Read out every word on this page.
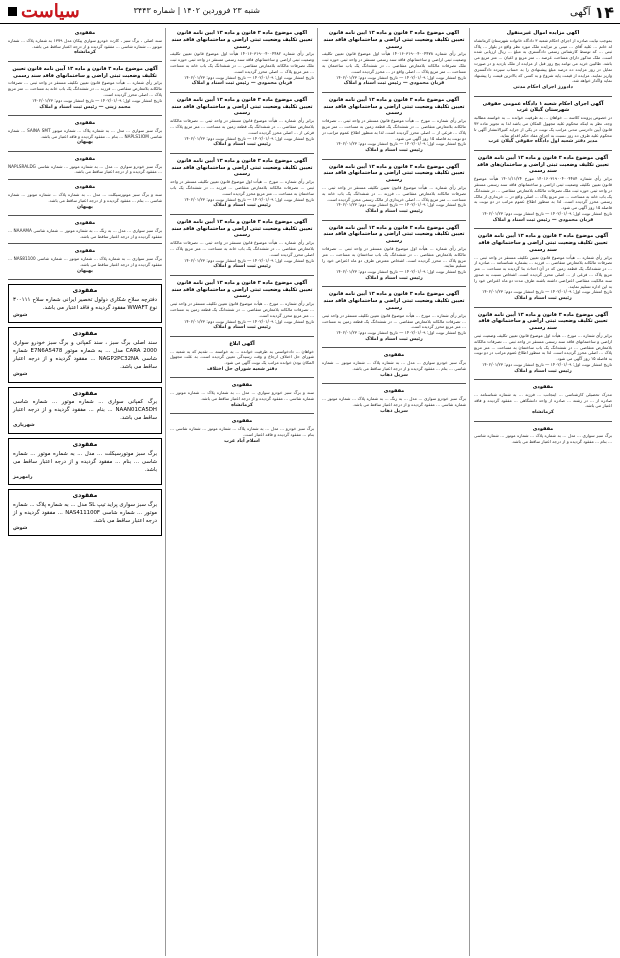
۱۴
آگهی
شنبه ۲۳ فروردین ۱۴۰۲ | شماره ۳۴۴۳
سیاست
آگهی مزایده اموال غیرمنقول
بموجب نیابت صادره از اجرای احکام شعبه ۳ دادگاه خانواده شهرستان کرمانشاه له خانم ... علیه آقای ... مبنی بر مزایده ملک مورد نظر واقع در بلوار ... پلاک ثبتی ... که توسط کارشناس رسمی دادگستری به مبلغ ... ریال ارزیابی شده است. ملک مذکور دارای مساحت عرصه ... متر مربع و اعیان ... متر مربع می باشد. طالبین خرید می توانند پنج روز قبل از مزایده از ملک بازدید و در صورت تمایل در روز مزایده ده درصد مبلغ پیشنهادی را به حساب سپرده دادگستری واریز نمایند. مزایده از قیمت پایه شروع و به کسی که بالاترین قیمت را پیشنهاد نماید واگذار خواهد شد.
دادورز اجرای احکام مدنی
آگهی اجرای احکام شعبه ۱ دادگاه عمومی حقوقی شهرستان گیلان غرب
در خصوص پرونده کلاسه ... خواهان ... به طرفیت خوانده ... به خواسته مطالبه وجه، نظر به اینکه محکوم علیه مجهول المکان می باشد لذا به تجویز ماده ۷۳ قانون آیین دادرسی مدنی مراتب یک نوبت در یکی از جراید کثیرالانتشار آگهی تا محکوم علیه ظرف ده روز نسبت به اجرای مفاد حکم اقدام نماید.
مدیر دفتر شعبه اول دادگاه حقوقی گیلان غرب
آگهی موضوع ماده ۳ قانون و ماده ۱۳ آیین نامه قانون تعیین تکلیف وضعیت ثبتی اراضی و ساختمان‌های فاقد سند رسمی
برابر رأی شماره ۱۴۰۱۶۰۳۱۹۰۰۴۰۰۴۴۸۴ مورخ ۱۴۰۱/۱۱/۲۴ هیأت موضوع قانون تعیین تکلیف وضعیت ثبتی اراضی و ساختمانهای فاقد سند رسمی مستقر در واحد ثبتی حوزه ثبت ملک تصرفات مالکانه بلامعارض متقاضی ... در ششدانگ یک باب خانه به مساحت ... متر مربع پلاک ... اصلی واقع در ... خریداری از مالک رسمی محرز گردیده است. لذا به منظور اطلاع عموم مراتب در دو نوبت به فاصله ۱۵ روز آگهی می شود.
تاریخ انتشار نوبت اول: ۱۴۰۲/۰۱/۰۹ — تاریخ انتشار نوبت دوم: ۱۴۰۲/۰۱/۲۳
قربان محمودی — رئیس ثبت اسناد و املاک
آگهی موضوع ماده ۳ قانون و ماده ۱۳ آیین نامه قانون تعیین تکلیف وضعیت ثبتی اراضی و ساختمانهای فاقد سند رسمی
برابر رأی شماره ... هیأت موضوع قانون تعیین تکلیف مستقر در واحد ثبتی ... تصرفات مالکانه بلامعارض متقاضی ... فرزند ... بشماره شناسنامه ... صادره از ... در ششدانگ یک قطعه زمین که در آن احداث بنا گردیده به مساحت ... متر مربع پلاک ... فرعی از ... اصلی محرز گردیده است. اشخاص نسبت به صدور سند مالکیت متقاضی اعتراضی داشته باشند ظرف مدت دو ماه اعتراض خود را به این اداره تسلیم نمایند.
تاریخ انتشار نوبت اول: ۱۴۰۲/۰۱/۰۹ — تاریخ انتشار نوبت دوم: ۱۴۰۲/۰۱/۲۳
رئیس ثبت اسناد و املاک
آگهی موضوع ماده ۳ قانون و ماده ۱۳ آیین نامه قانون تعیین تکلیف وضعیت ثبتی اراضی و ساختمانهای فاقد سند رسمی
برابر رأی شماره ... مورخ ... هیأت اول موضوع قانون تعیین تکلیف وضعیت ثبتی اراضی و ساختمانهای فاقد سند رسمی مستقر در واحد ثبتی ... تصرفات مالکانه بلامعارض متقاضی ... در ششدانگ یک باب ساختمان به مساحت ... متر مربع پلاک ... اصلی محرز گردیده است. لذا به منظور اطلاع عموم مراتب در دو نوبت به فاصله ۱۵ روز آگهی می شود.
تاریخ انتشار نوبت اول: ۱۴۰۲/۰۱/۰۹ — تاریخ انتشار نوبت دوم: ۱۴۰۲/۰۱/۲۳
رئیس ثبت اسناد و املاک
مفقودی
مدرک تحصیلی کارشناسی ... اینجانب ... فرزند ... به شماره شناسنامه ... صادره از ... در رشته ... صادره از واحد دانشگاهی ... مفقود گردیده و فاقد اعتبار می باشد.
کرمانشاه
مفقودی
برگ سبز سواری ... مدل ... به شماره پلاک ... شماره موتور ... شماره شاسی ... بنام ... مفقود گردیده و از درجه اعتبار ساقط می باشد.
آگهی موضوع ماده ۳ قانون و ماده ۱۳ آیین نامه قانون تعیین تکلیف وضعیت ثبتی اراضی و ساختمانهای فاقد سند رسمی
برابر رأی شماره ۱۴۰۱۶۰۳۱۹۰۰۴۰۰۴۴۷۸ هیأت اول موضوع قانون تعیین تکلیف وضعیت ثبتی اراضی و ساختمانهای فاقد سند رسمی مستقر در واحد ثبتی حوزه ثبت ملک تصرفات مالکانه بلامعارض متقاضی ... در ششدانگ یک باب ساختمان به مساحت ... متر مربع پلاک ... اصلی واقع در ... محرز گردیده است.
تاریخ انتشار نوبت اول: ۱۴۰۲/۰۱/۰۹ — تاریخ انتشار نوبت دوم: ۱۴۰۲/۰۱/۲۳
قربان محمودی — رئیس ثبت اسناد و املاک
آگهی موضوع ماده ۳ قانون و ماده ۱۳ آیین نامه قانون تعیین تکلیف وضعیت ثبتی اراضی و ساختمانهای فاقد سند رسمی
برابر رأی شماره ... مورخ ... هیأت موضوع قانون مستقر در واحد ثبتی ... تصرفات مالکانه بلامعارض متقاضی ... در ششدانگ یک قطعه زمین به مساحت ... متر مربع پلاک ... فرعی از ... اصلی محرز گردیده است. لذا به منظور اطلاع عموم مراتب در دو نوبت به فاصله ۱۵ روز آگهی می شود.
تاریخ انتشار نوبت اول: ۱۴۰۲/۰۱/۰۹ — تاریخ انتشار نوبت دوم: ۱۴۰۲/۰۱/۲۳
رئیس ثبت اسناد و املاک
آگهی موضوع ماده ۳ قانون و ماده ۱۳ آیین نامه قانون تعیین تکلیف وضعیت ثبتی اراضی و ساختمانهای فاقد سند رسمی
برابر رأی شماره ... هیأت موضوع قانون تعیین تکلیف مستقر در واحد ثبتی ... تصرفات مالکانه بلامعارض متقاضی ... فرزند ... در ششدانگ یک باب خانه به مساحت ... متر مربع پلاک ... اصلی خریداری از مالک رسمی محرز گردیده است.
تاریخ انتشار نوبت اول: ۱۴۰۲/۰۱/۰۹ — تاریخ انتشار نوبت دوم: ۱۴۰۲/۰۱/۲۳
رئیس ثبت اسناد و املاک
آگهی موضوع ماده ۳ قانون و ماده ۱۳ آیین نامه قانون تعیین تکلیف وضعیت ثبتی اراضی و ساختمانهای فاقد سند رسمی
برابر رأی شماره ... هیأت اول موضوع قانون مستقر در واحد ثبتی ... تصرفات مالکانه بلامعارض متقاضی ... در ششدانگ یک باب ساختمان به مساحت ... متر مربع پلاک ... محرز گردیده است. اشخاص معترض ظرف دو ماه اعتراض خود را تسلیم نمایند.
تاریخ انتشار نوبت اول: ۱۴۰۲/۰۱/۰۹ — تاریخ انتشار نوبت دوم: ۱۴۰۲/۰۱/۲۳
رئیس ثبت اسناد و املاک
آگهی موضوع ماده ۳ قانون و ماده ۱۳ آیین نامه قانون تعیین تکلیف وضعیت ثبتی اراضی و ساختمانهای فاقد سند رسمی
برابر رأی شماره ... مورخ ... هیأت موضوع قانون تعیین تکلیف مستقر در واحد ثبتی ... تصرفات مالکانه بلامعارض متقاضی ... در ششدانگ یک قطعه زمین به مساحت ... متر مربع محرز گردیده است.
تاریخ انتشار نوبت اول: ۱۴۰۲/۰۱/۰۹ — تاریخ انتشار نوبت دوم: ۱۴۰۲/۰۱/۲۳
رئیس ثبت اسناد و املاک
مفقودی
برگ سبز خودرو سواری ... مدل ... به شماره پلاک ... شماره موتور ... شماره شاسی ... بنام ... مفقود گردیده و از درجه اعتبار ساقط می باشد.
سرپل ذهاب
مفقودی
برگ سبز خودرو سواری ... مدل ... به رنگ ... به شماره پلاک ... شماره موتور ... شماره شاسی ... مفقود گردیده و از درجه اعتبار ساقط می باشد.
سرپل ذهاب
آگهی موضوع ماده ۳ قانون و ماده ۱۳ آیین نامه قانون تعیین تکلیف وضعیت ثبتی اراضی و ساختمانهای فاقد سند رسمی
برابر رأی شماره ۱۴۰۱۶۰۳۱۹۰۰۴۰۰۴۴۸۲ هیأت اول موضوع قانون تعیین تکلیف وضعیت ثبتی اراضی و ساختمانهای فاقد سند رسمی مستقر در واحد ثبتی حوزه ثبت ملک تصرفات مالکانه بلامعارض متقاضی ... در ششدانگ یک باب خانه به مساحت ... متر مربع پلاک ... اصلی محرز گردیده است.
تاریخ انتشار نوبت اول: ۱۴۰۲/۰۱/۰۹ — تاریخ انتشار نوبت دوم: ۱۴۰۲/۰۱/۲۳
قربان محمودی — رئیس ثبت اسناد و املاک
آگهی موضوع ماده ۳ قانون و ماده ۱۳ آیین نامه قانون تعیین تکلیف وضعیت ثبتی اراضی و ساختمانهای فاقد سند رسمی
برابر رأی شماره ... هیأت موضوع قانون مستقر در واحد ثبتی ... تصرفات مالکانه بلامعارض متقاضی ... در ششدانگ یک قطعه زمین به مساحت ... متر مربع پلاک ... فرعی از ... اصلی محرز گردیده است.
تاریخ انتشار نوبت اول: ۱۴۰۲/۰۱/۰۹ — تاریخ انتشار نوبت دوم: ۱۴۰۲/۰۱/۲۳
رئیس ثبت اسناد و املاک
آگهی موضوع ماده ۳ قانون و ماده ۱۳ آیین نامه قانون تعیین تکلیف وضعیت ثبتی اراضی و ساختمانهای فاقد سند رسمی
برابر رأی شماره ... مورخ ... هیأت اول موضوع قانون تعیین تکلیف مستقر در واحد ثبتی ... تصرفات مالکانه بلامعارض متقاضی ... فرزند ... در ششدانگ یک باب ساختمان به مساحت ... متر مربع محرز گردیده است.
تاریخ انتشار نوبت اول: ۱۴۰۲/۰۱/۰۹ — تاریخ انتشار نوبت دوم: ۱۴۰۲/۰۱/۲۳
رئیس ثبت اسناد و املاک
آگهی موضوع ماده ۳ قانون و ماده ۱۳ آیین نامه قانون تعیین تکلیف وضعیت ثبتی اراضی و ساختمانهای فاقد سند رسمی
برابر رأی شماره ... هیأت موضوع قانون مستقر در واحد ثبتی ... تصرفات مالکانه بلامعارض متقاضی ... در ششدانگ یک باب خانه به مساحت ... متر مربع پلاک ... اصلی محرز گردیده است.
تاریخ انتشار نوبت اول: ۱۴۰۲/۰۱/۰۹ — تاریخ انتشار نوبت دوم: ۱۴۰۲/۰۱/۲۳
رئیس ثبت اسناد و املاک
آگهی موضوع ماده ۳ قانون و ماده ۱۳ آیین نامه قانون تعیین تکلیف وضعیت ثبتی اراضی و ساختمانهای فاقد سند رسمی
برابر رأی شماره ... مورخ ... هیأت موضوع قانون تعیین تکلیف مستقر در واحد ثبتی ... تصرفات مالکانه بلامعارض متقاضی ... در ششدانگ یک قطعه زمین به مساحت ... متر مربع محرز گردیده است.
تاریخ انتشار نوبت اول: ۱۴۰۲/۰۱/۰۹ — تاریخ انتشار نوبت دوم: ۱۴۰۲/۰۱/۲۳
رئیس ثبت اسناد و املاک
آگهی ابلاغ
خواهان ... دادخواستی به طرفیت خوانده ... به خواسته ... تقدیم که به شعبه ... شورای حل اختلاف ارجاع و وقت رسیدگی تعیین گردیده است. به علت مجهول المکان بودن خوانده مراتب یک نوبت آگهی می شود.
دفتر شعبه شورای حل اختلاف
مفقودی
سند و برگ سبز خودرو سواری ... مدل ... به شماره پلاک ... شماره موتور ... شماره شاسی ... مفقود گردیده و از درجه اعتبار ساقط می باشد.
کرمانشاه
مفقودی
برگ سبز خودرو ... مدل ... به شماره پلاک ... شماره موتور ... شماره شاسی ... بنام ... مفقود گردیده و فاقد اعتبار است.
اسلام آباد غرب
مفقودی
سند اصلی ، برگ سبز ، کارت خودرو سواری پیکان مدل ۱۳۷۹ به شماره پلاک ... شماره موتور ... شماره شاسی ... مفقود گردیده و از درجه اعتبار ساقط می باشد.
کرمانشاه
آگهی موضوع ماده ۳ قانون و ماده ۱۳ آیین نامه قانون تعیین تکلیف وضعیت ثبتی اراضی و ساختمانهای فاقد سند رسمی
برابر رأی شماره ... هیأت موضوع قانون تعیین تکلیف مستقر در واحد ثبتی ... تصرفات مالکانه بلامعارض متقاضی ... فرزند ... در ششدانگ یک باب خانه به مساحت ... متر مربع پلاک ... اصلی محرز گردیده است.
تاریخ انتشار نوبت اول: ۱۴۰۲/۰۱/۰۹ — تاریخ انتشار نوبت دوم: ۱۴۰۲/۰۱/۲۳
محمد زینی — رئیس ثبت اسناد و املاک
مفقودی
برگ سبز سواری ... مدل ... به شماره پلاک ... شماره موتور SAINA SMT ... شماره شاسی NAPLS1IOM ... بنام ... مفقود گردیده و فاقد اعتبار می باشد.
بهبهان
مفقودی
برگ سبز خودرو سواری ... مدل ... به شماره موتور ... شماره شاسی NAPLSRALDG ... مفقود گردیده و از درجه اعتبار ساقط می باشد.
مفقودی
سند و برگ سبز موتورسیکلت ... مدل ... به شماره پلاک ... شماره موتور ... شماره شاسی ... بنام ... مفقود گردیده و از درجه اعتبار ساقط می باشد.
بهبهان
مفقودی
برگ سبز سواری ... مدل ... به رنگ ... به شماره موتور ... شماره شاسی NAAAMA ... مفقود گردیده و از درجه اعتبار ساقط می باشد.
مفقودی
برگ سبز سواری ... به شماره پلاک ... شماره موتور ... شماره شاسی NAS81100 ... مفقود گردیده و از درجه اعتبار ساقط می باشد.
بهبهان
مفقودی
دفترچه سلاح شکاری دولول تخصیر ایرانی شماره سلاح ۳۰۰۱۱۱ نوع WWAFT مفقود گردیده و فاقد اعتبار می باشد.
شوش
مفقودی
سند اصلی برگ سبز ، سند کمپانی و برگ سبز خودرو سواری CARA 2000 مدل ... به شماره موتور E7N6A5478 شماره شاسی NAGP2PC32NA ... مفقود گردیده و از درجه اعتبار ساقط می باشد.
شوش
مفقودی
برگ کمپانی سواری ... شماره موتور ... شماره شاسی NAAN01CA5DH ... بنام ... مفقود گردیده و از درجه اعتبار ساقط می باشد.
شهریاری
مفقودی
برگ سبز موتورسیکلت ... مدل ... به شماره موتور ... شماره شاسی ... بنام ... مفقود گردیده و از درجه اعتبار ساقط می باشد.
رامهرمز
مفقودی
برگ سبز سواری پراید تیپ SL مدل ... به شماره پلاک ... شماره موتور ... شماره شاسی NAS411100F ... مفقود گردیده و از درجه اعتبار ساقط می باشد.
شوش
